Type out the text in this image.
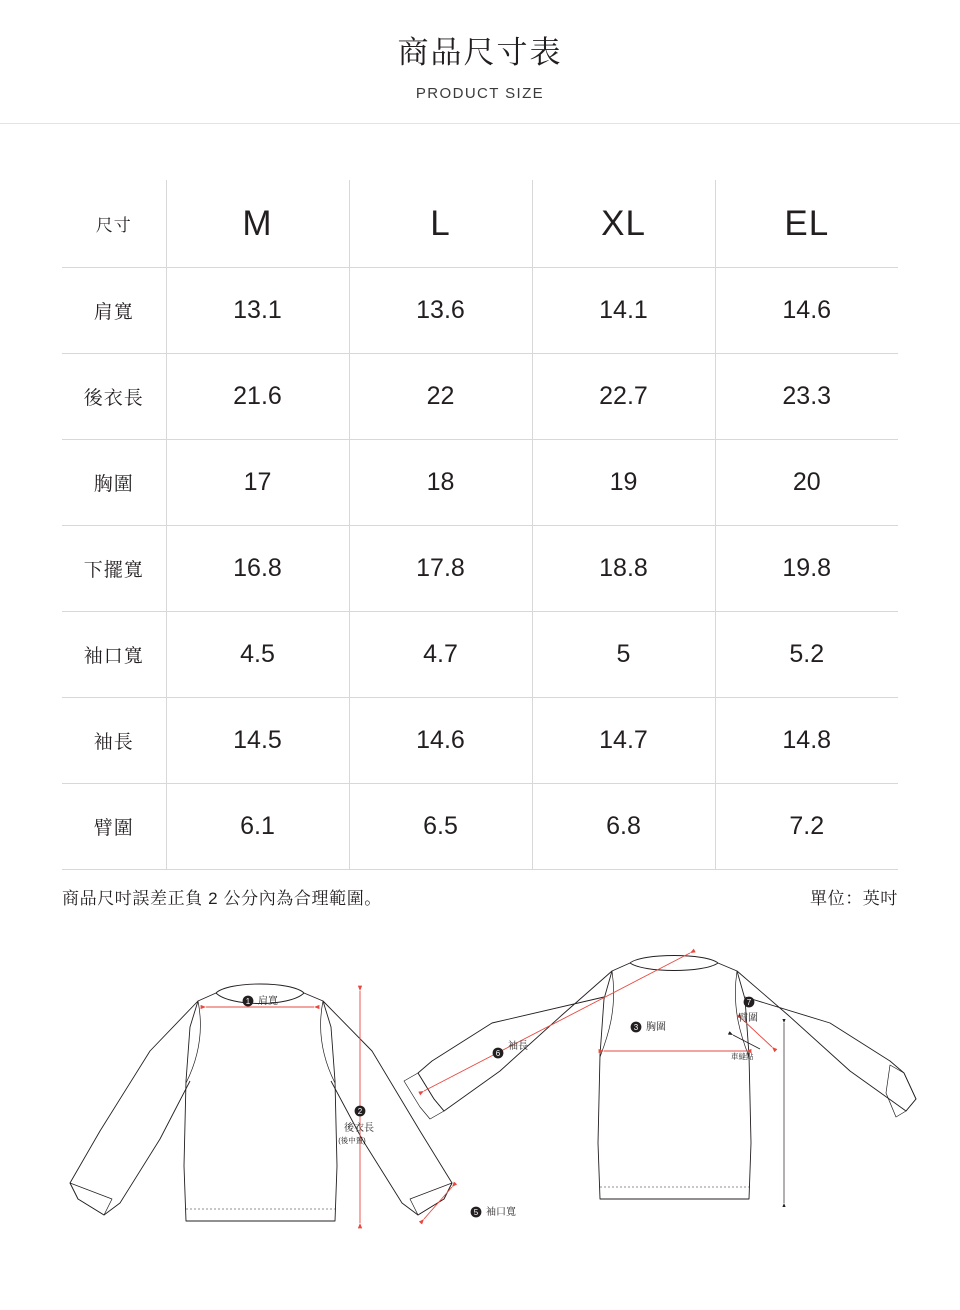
商品尺寸表
PRODUCT SIZE
尺寸	M	L	XL	EL
肩寬	13.1	13.6	14.1	14.6
後衣長	21.6	22	22.7	23.3
胸圍	17	18	19	20
下擺寬	16.8	17.8	18.8	19.8
袖口寬	4.5	4.7	5	5.2
袖長	14.5	14.6	14.7	14.8
臂圍	6.1	6.5	6.8	7.2
商品尺吋誤差正負 2 公分內為合理範圍。	單位：英吋
1 肩寬
2
後衣長
(後中置)
5 袖口寬
6
袖長
3 胸圍
7
臂圍
車縫點
